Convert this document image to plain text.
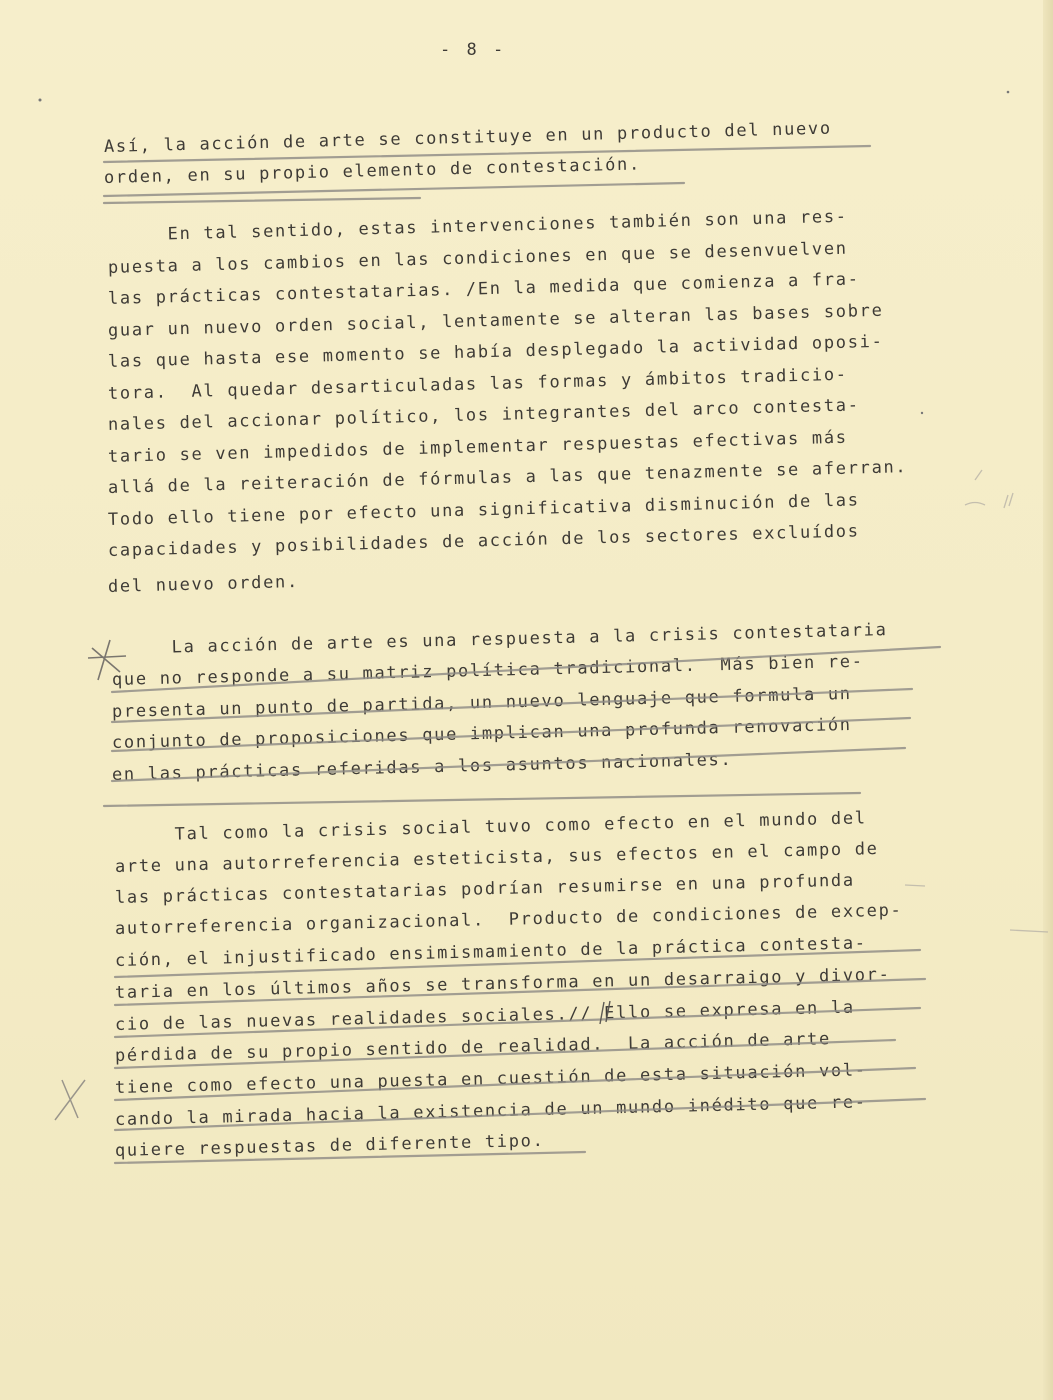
- 8 -
Así, la acción de arte se constituye en un producto del nuevo
orden, en su propio elemento de contestación.
En tal sentido, estas intervenciones también son una res-
puesta a los cambios en las condiciones en que se desenvuelven
las prácticas contestatarias. /En la medida que comienza a fra-
guar un nuevo orden social, lentamente se alteran las bases sobre
las que hasta ese momento se había desplegado la actividad oposi-
tora.  Al quedar desarticuladas las formas y ámbitos tradicio-
nales del accionar político, los integrantes del arco contesta-
tario se ven impedidos de implementar respuestas efectivas más
allá de la reiteración de fórmulas a las que tenazmente se aferran.
Todo ello tiene por efecto una significativa disminución de las
capacidades y posibilidades de acción de los sectores excluídos
del nuevo orden.
La acción de arte es una respuesta a la crisis contestataria
que no responde a su matriz política tradicional.  Más bien re-
presenta un punto de partida, un nuevo lenguaje que formula un
conjunto de proposiciones que implican una profunda renovación
en las prácticas referidas a los asuntos nacionales.
Tal como la crisis social tuvo como efecto en el mundo del
arte una autorreferencia esteticista, sus efectos en el campo de
las prácticas contestatarias podrían resumirse en una profunda
autorreferencia organizacional.  Producto de condiciones de excep-
ción, el injustificado ensimismamiento de la práctica contesta-
taria en los últimos años se transforma en un desarraigo y divor-
cio de las nuevas realidades sociales.// Ello se expresa en la
pérdida de su propio sentido de realidad.  La acción de arte
tiene como efecto una puesta en cuestión de esta situación vol-
cando la mirada hacia la existencia de un mundo inédito que re-
quiere respuestas de diferente tipo.
